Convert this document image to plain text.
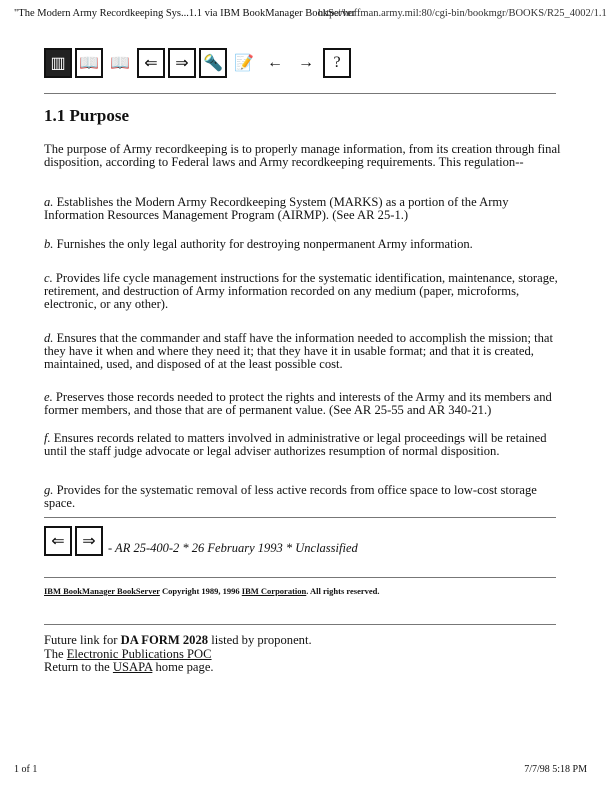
"The Modern Army Recordkeeping Sys...1.1 via IBM BookManager BookServer http://hoffman.army.mil:80/cgi-bin/bookmgr/BOOKS/R25_4002/1.1
▥ 📖 📖 ⇐ ⇒ 🔦 📝 ← → ?
1.1 Purpose

The purpose of Army recordkeeping is to properly manage information, from its creation through final disposition, according to Federal laws and Army recordkeeping requirements. This regulation--

a. Establishes the Modern Army Recordkeeping System (MARKS) as a portion of the Army Information Resources Management Program (AIRMP). (See AR 25-1.)

b. Furnishes the only legal authority for destroying nonpermanent Army information.

c. Provides life cycle management instructions for the systematic identification, maintenance, storage, retirement, and destruction of Army information recorded on any medium (paper, microforms, electronic, or any other).

d. Ensures that the commander and staff have the information needed to accomplish the mission; that they have it when and where they need it; that they have it in usable format; and that it is created, maintained, used, and disposed of at the least possible cost.

e. Preserves those records needed to protect the rights and interests of the Army and its members and former members, and those that are of permanent value. (See AR 25-55 and AR 340-21.)

f. Ensures records related to matters involved in administrative or legal proceedings will be retained until the staff judge advocate or legal adviser authorizes resumption of normal disposition.

g. Provides for the systematic removal of less active records from office space to low-cost storage space.

⇐ ⇒ - AR 25-400-2 * 26 February 1993 * Unclassified
IBM BookManager BookServer Copyright 1989, 1996 IBM Corporation. All rights reserved.
Future link for DA FORM 2028 listed by proponent.
The Electronic Publications POC
Return to the USAPA home page.
1 of 1	7/7/98 5:18 PM
